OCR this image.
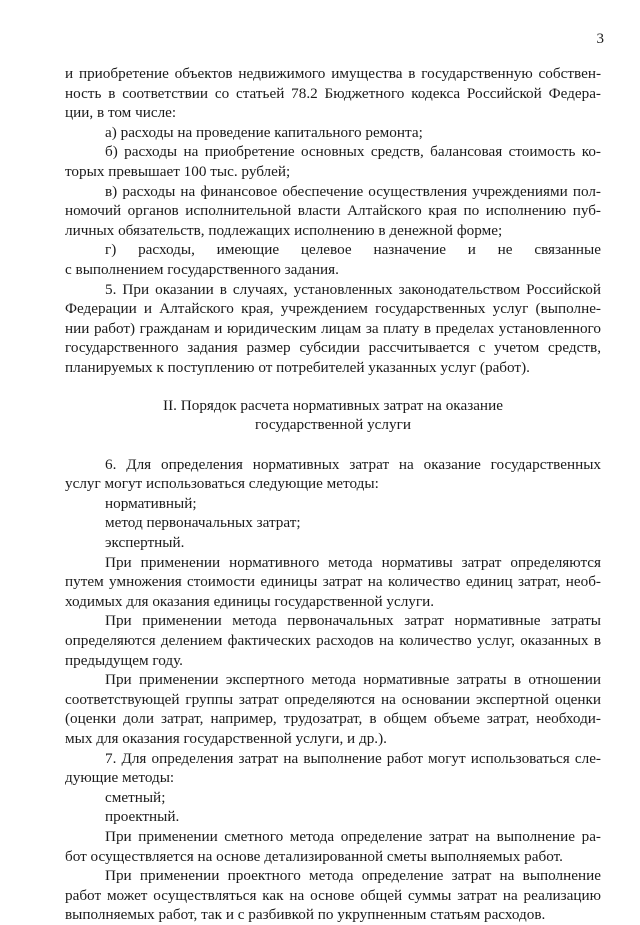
3
и приобретение объектов недвижимого имущества в государственную собствен-
ность в соответствии со статьей 78.2 Бюджетного кодекса Российской Федера-
ции, в том числе:
а) расходы на проведение капитального ремонта;
б) расходы на приобретение основных средств, балансовая стоимость ко-
торых превышает 100 тыс. рублей;
в) расходы на финансовое обеспечение осуществления учреждениями пол-
номочий органов исполнительной власти Алтайского края по исполнению пуб-
личных обязательств, подлежащих исполнению в денежной форме;
г) расходы, имеющие целевое назначение и не связанные
с выполнением государственного задания.
5. При оказании в случаях, установленных законодательством Российской
Федерации и Алтайского края, учреждением государственных услуг (выполне-
нии работ) гражданам и юридическим лицам за плату в пределах установленного
государственного задания размер субсидии рассчитывается с учетом средств,
планируемых к поступлению от потребителей указанных услуг (работ).
II. Порядок расчета нормативных затрат на оказание
государственной услуги
6. Для определения нормативных затрат на оказание государственных
услуг могут использоваться следующие методы:
нормативный;
метод первоначальных затрат;
экспертный.
При применении нормативного метода нормативы затрат определяются
путем умножения стоимости единицы затрат на количество единиц затрат, необ-
ходимых для оказания единицы государственной услуги.
При применении метода первоначальных затрат нормативные затраты
определяются делением фактических расходов на количество услуг, оказанных в
предыдущем году.
При применении экспертного метода нормативные затраты в отношении
соответствующей группы затрат определяются на основании экспертной оценки
(оценки доли затрат, например, трудозатрат, в общем объеме затрат, необходи-
мых для оказания государственной услуги, и др.).
7. Для определения затрат на выполнение работ могут использоваться сле-
дующие методы:
сметный;
проектный.
При применении сметного метода определение затрат на выполнение ра-
бот осуществляется на основе детализированной сметы выполняемых работ.
При применении проектного метода определение затрат на выполнение
работ может осуществляться как на основе общей суммы затрат на реализацию
выполняемых работ, так и с разбивкой по укрупненным статьям расходов.
